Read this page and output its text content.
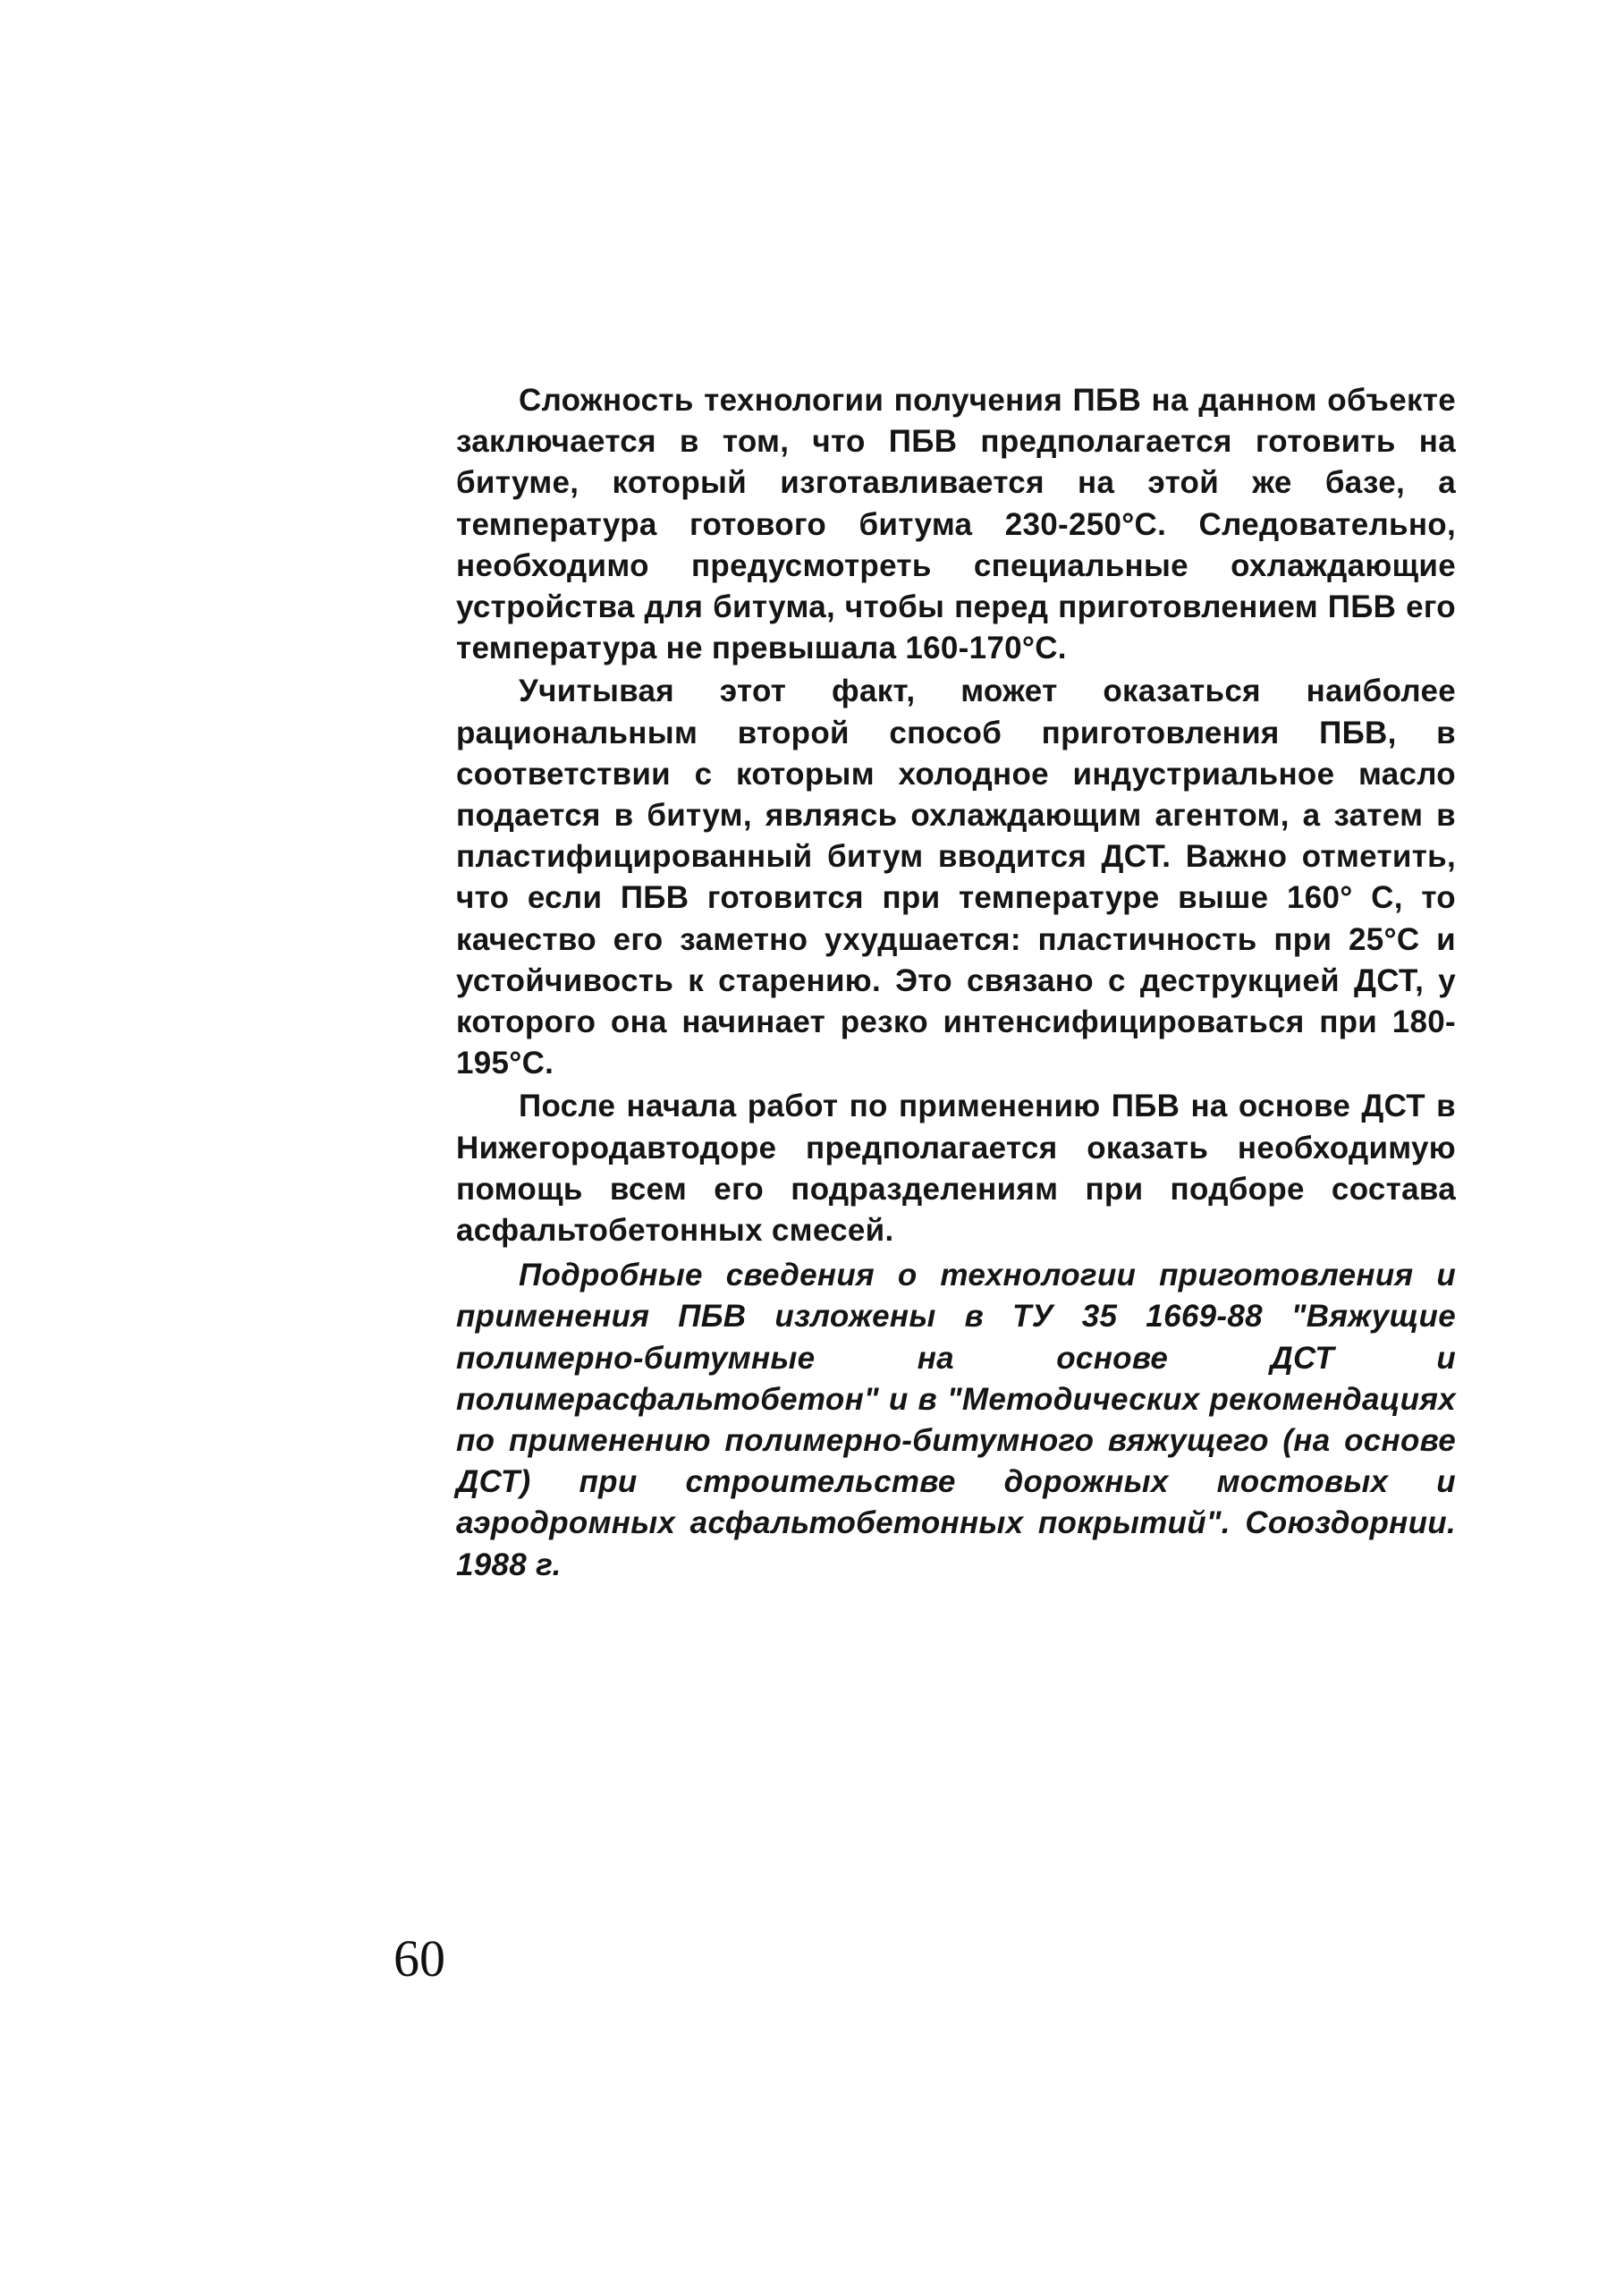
Сложность технологии получения ПБВ на данном объекте заключается в том, что ПБВ предполагается готовить на битуме, который изготавливается на этой же базе, а температура готового битума 230-250°С. Следовательно, необходимо предусмотреть специальные охлаждающие устройства для битума, чтобы перед приготовлением ПБВ его температура не превышала 160-170°С.

Учитывая этот факт, может оказаться наиболее рациональным второй способ приготовления ПБВ, в соответствии с которым холодное индустриальное масло подается в битум, являясь охлаждающим агентом, а затем в пластифицированный битум вводится ДСТ. Важно отметить, что если ПБВ готовится при температуре выше 160° С, то качество его заметно ухудшается: пластичность при 25°С и устойчивость к старению. Это связано с деструкцией ДСТ, у которого она начинает резко интенсифицироваться при 180-195°С.

После начала работ по применению ПБВ на основе ДСТ в Нижегородавтодоре предполагается оказать необходимую помощь всем его подразделениям при подборе состава асфальтобетонных смесей.

Подробные сведения о технологии приготовления и применения ПБВ изложены в ТУ 35 1669-88 "Вяжущие полимерно-битумные на основе ДСТ и полимерасфальтобетон" и в "Методических рекомендациях по применению полимерно-битумного вяжущего (на основе ДСТ) при строительстве дорожных мостовых и аэродромных асфальтобетонных покрытий". Союздорнии. 1988 г.

60
